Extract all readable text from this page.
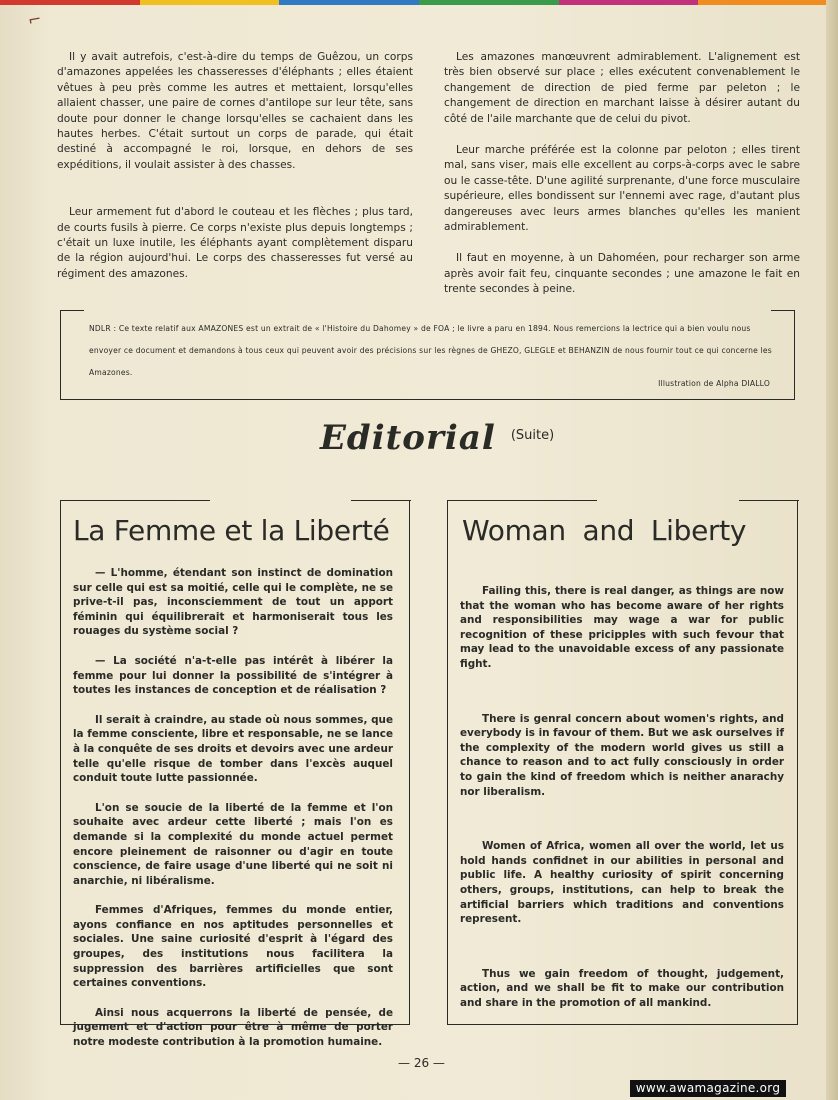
⌐

Il y avait autrefois, c'est-à-dire du temps de Guêzou, un corps d'amazones appelées les chasseresses d'éléphants ; elles étaient vêtues à peu près comme les autres et mettaient, lorsqu'elles allaient chasser, une paire de cornes d'antilope sur leur tête, sans doute pour donner le change lorsqu'elles se cachaient dans les hautes herbes. C'était surtout un corps de parade, qui était destiné à accompagné le roi, lorsque, en dehors de ses expéditions, il voulait assister à des chasses.

Leur armement fut d'abord le couteau et les flèches ; plus tard, de courts fusils à pierre. Ce corps n'existe plus depuis longtemps ; c'était un luxe inutile, les éléphants ayant complètement disparu de la région aujourd'hui. Le corps des chasseresses fut versé au régiment des amazones.

Les amazones manœuvrent admirablement. L'alignement est très bien observé sur place ; elles exécutent convenablement le changement de direction de pied ferme par peleton ; le changement de direction en marchant laisse à désirer autant du côté de l'aile marchante que de celui du pivot.

Leur marche préférée est la colonne par peloton ; elles tirent mal, sans viser, mais elle excellent au corps-à-corps avec le sabre ou le casse-tête. D'une agilité surprenante, d'une force musculaire supérieure, elles bondissent sur l'ennemi avec rage, d'autant plus dangereuses avec leurs armes blanches qu'elles les manient admirablement.

Il faut en moyenne, à un Dahoméen, pour recharger son arme après avoir fait feu, cinquante secondes ; une amazone le fait en trente secondes à peine.

NDLR : Ce texte relatif aux AMAZONES est un extrait de « l'Histoire du Dahomey » de FOA ; le livre a paru en 1894. Nous remercions la lectrice qui a bien voulu nous envoyer ce document et demandons à tous ceux qui peuvent avoir des précisions sur les règnes de GHEZO, GLEGLE et BEHANZIN de nous fournir tout ce qui concerne les Amazones.
Illustration de Alpha DIALLO
Editorial $^{(Suite)}$
La Femme et la Liberté

— L'homme, étendant son instinct de domination sur celle qui est sa moitié, celle qui le complète, ne se prive-t-il pas, inconsciemment de tout un apport féminin qui équilibrerait et harmoniserait tous les rouages du système social ?

— La société n'a-t-elle pas intérêt à libérer la femme pour lui donner la possibilité de s'intégrer à toutes les instances de conception et de réalisation ?

Il serait à craindre, au stade où nous sommes, que la femme consciente, libre et responsable, ne se lance à la conquête de ses droits et devoirs avec une ardeur telle qu'elle risque de tomber dans l'excès auquel conduit toute lutte passionnée.

L'on se soucie de la liberté de la femme et l'on souhaite avec ardeur cette liberté ; mais l'on es demande si la complexité du monde actuel permet encore pleinement de raisonner ou d'agir en toute conscience, de faire usage d'une liberté qui ne soit ni anarchie, ni libéralisme.

Femmes d'Afriques, femmes du monde entier, ayons confiance en nos aptitudes personnelles et sociales. Une saine curiosité d'esprit à l'égard des groupes, des institutions nous facilitera la suppression des barrières artificielles que sont certaines conventions.

Ainsi nous acquerrons la liberté de pensée, de jugement et d'action pour être à même de porter notre modeste contribution à la promotion humaine.

Woman and Liberty

Failing this, there is real danger, as things are now that the woman who has become aware of her rights and responsibilities may wage a war for public recognition of these pricipples with such fevour that may lead to the unavoidable excess of any passionate fight.

There is genral concern about women's rights, and everybody is in favour of them. But we ask ourselves if the complexity of the modern world gives us still a chance to reason and to act fully consciously in order to gain the kind of freedom which is neither anarachy nor liberalism.

Women of Africa, women all over the world, let us hold hands confidnet in our abilities in personal and public life. A healthy curiosity of spirit concerning others, groups, institutions, can help to break the artificial barriers which traditions and conventions represent.

Thus we gain freedom of thought, judgement, action, and we shall be fit to make our contribution and share in the promotion of all mankind.

— 26 —
www.awamagazine.org
